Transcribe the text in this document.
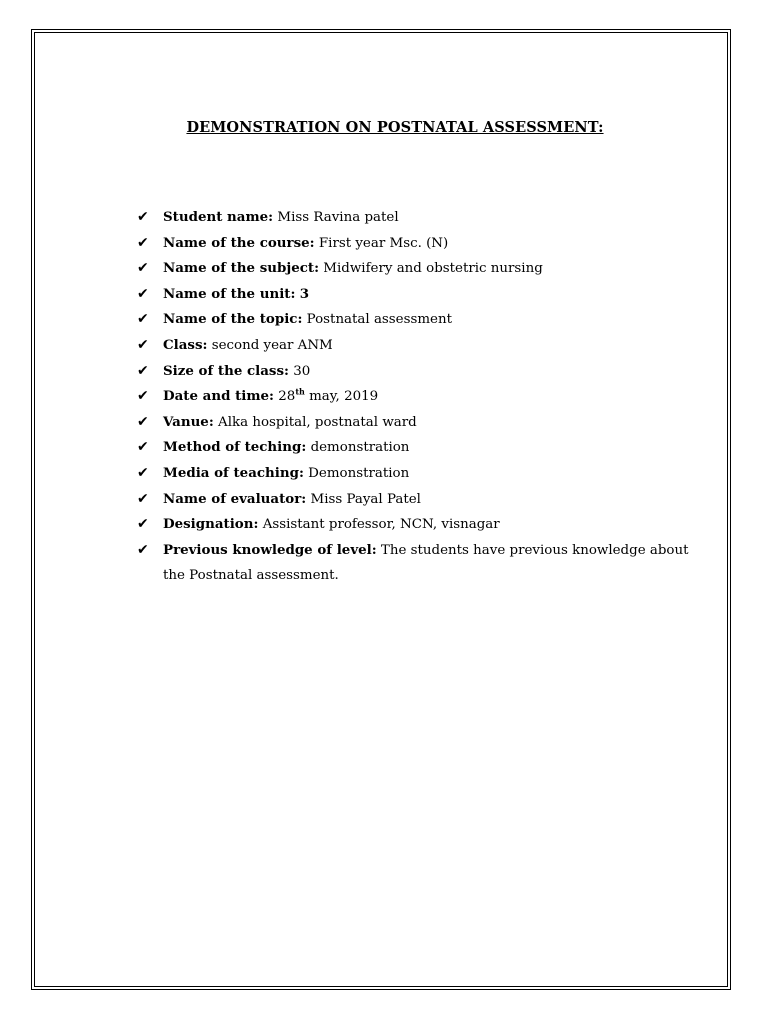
DEMONSTRATION ON POSTNATAL ASSESSMENT:
✔ Student name: Miss Ravina patel
✔ Name of the course: First year Msc. (N)
✔ Name of the subject: Midwifery and obstetric nursing
✔ Name of the unit: 3
✔ Name of the topic: Postnatal assessment
✔ Class: second year ANM
✔ Size of the class: 30
✔ Date and time: 28th may, 2019
✔ Vanue: Alka hospital, postnatal ward
✔ Method of teching: demonstration
✔ Media of teaching: Demonstration
✔ Name of evaluator: Miss Payal Patel
✔ Designation: Assistant professor, NCN, visnagar
✔ Previous knowledge of level: The students have previous knowledge about the Postnatal assessment.
